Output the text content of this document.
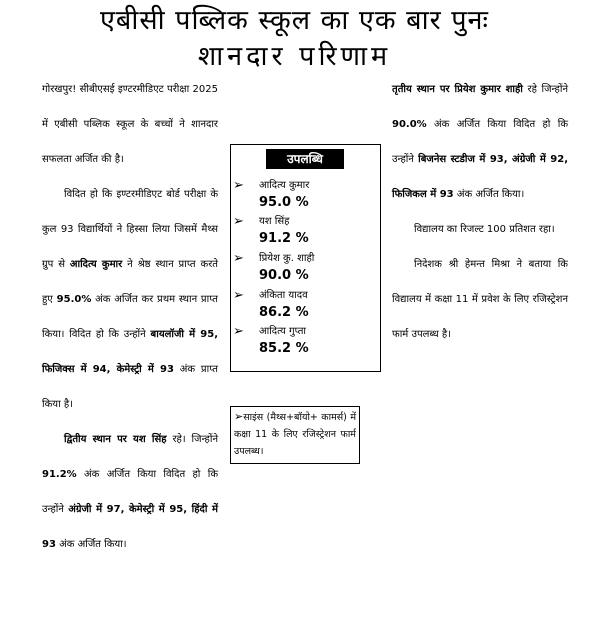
एबीसी पब्लिक स्कूल का एक बार पुनः
शानदार परिणाम

गोरखपुर! सीबीएसई इण्टरमीडिएट परीक्षा 2025 में एबीसी पब्लिक स्कूल के बच्चों ने शानदार सफलता अर्जित की है।

विदित हो कि इण्टरमीडिएट बोर्ड परीक्षा के कुल 93 विद्यार्थियों ने हिस्सा लिया जिसमें मैथ्स ग्रुप से आदित्य कुमार ने श्रेष्ठ स्थान प्राप्त करते हुए 95.0% अंक अर्जित कर प्रथम स्थान प्राप्त किया। विदित हो कि उन्होंने बायलॉजी में 95, फिजिक्स में 94, केमेस्ट्री में 93 अंक प्राप्त किया है।

द्वितीय स्थान पर यश सिंह रहे। जिन्होंने 91.2% अंक अर्जित किया विदित हो कि उन्होंने अंग्रेजी में 97, केमेस्ट्री में 95, हिंदी में 93 अंक अर्जित किया।

उपलब्धि
➢ आदित्य कुमार
95.0 %
➢ यश सिंह
91.2 %
➢ प्रियेश कु. शाही
90.0 %
➢ अंकिता यादव
86.2 %
➢ आदित्य गुप्ता
85.2 %
➢साइंस (मैथ्स+बॉयो+ कामर्स) में कक्षा 11 के लिए रजिस्ट्रेशन फार्म उपलब्ध।

तृतीय स्थान पर प्रियेश कुमार शाही रहे जिन्होंने 90.0% अंक अर्जित किया विदित हो कि उन्होंने बिजनेस स्टडीज में 93, अंग्रेजी में 92, फिजिकल में 93 अंक अर्जित किया।

विद्यालय का रिजल्ट 100 प्रतिशत रहा।

निदेशक श्री हेमन्त मिश्रा ने बताया कि विद्यालय में कक्षा 11 में प्रवेश के लिए रजिस्ट्रेशन फार्म उपलब्ध है।
